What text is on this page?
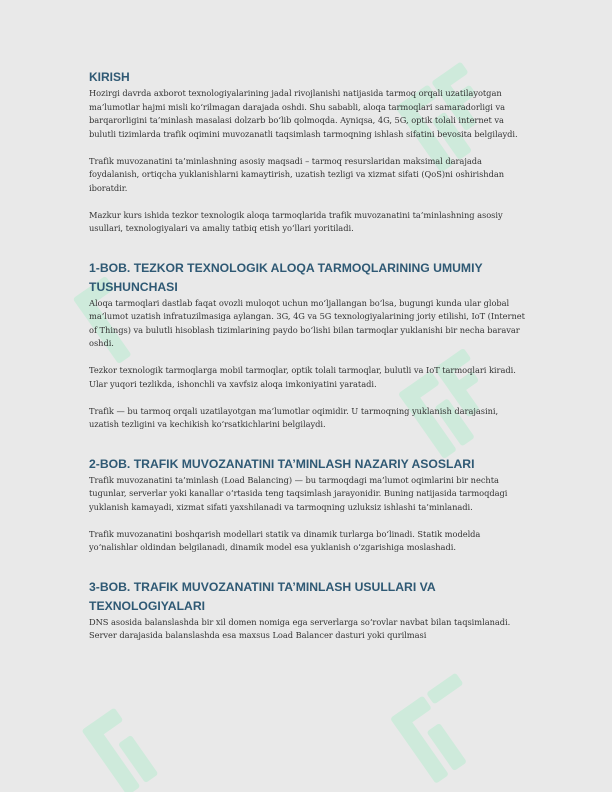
KIRISH

Hozirgi davrda axborot texnologiyalarining jadal rivojlanishi natijasida tarmoq orqali uzatilayotgan ma’lumotlar hajmi misli ko‘rilmagan darajada oshdi. Shu sababli, aloqa tarmoqlari samaradorligi va barqarorligini ta’minlash masalasi dolzarb bo‘lib qolmoqda. Ayniqsa, 4G, 5G, optik tolali internet va bulutli tizimlarda trafik oqimini muvozanatli taqsimlash tarmoqning ishlash sifatini bevosita belgilaydi.

Trafik muvozanatini ta’minlashning asosiy maqsadi – tarmoq resurslaridan maksimal darajada foydalanish, ortiqcha yuklanishlarni kamaytirish, uzatish tezligi va xizmat sifati (QoS)ni oshirishdan iboratdir.

Mazkur kurs ishida tezkor texnologik aloqa tarmoqlarida trafik muvozanatini ta’minlashning asosiy usullari, texnologiyalari va amaliy tatbiq etish yo‘llari yoritiladi.

1-BOB. TEZKOR TEXNOLOGIK ALOQA TARMOQLARINING UMUMIY TUSHUNCHASI

Aloqa tarmoqlari dastlab faqat ovozli muloqot uchun mo‘ljallangan bo‘lsa, bugungi kunda ular global ma’lumot uzatish infratuzilmasiga aylangan. 3G, 4G va 5G texnologiyalarining joriy etilishi, IoT (Internet of Things) va bulutli hisoblash tizimlarining paydo bo‘lishi bilan tarmoqlar yuklanishi bir necha baravar oshdi.

Tezkor texnologik tarmoqlarga mobil tarmoqlar, optik tolali tarmoqlar, bulutli va IoT tarmoqlari kiradi. Ular yuqori tezlikda, ishonchli va xavfsiz aloqa imkoniyatini yaratadi.

Trafik — bu tarmoq orqali uzatilayotgan ma’lumotlar oqimidir. U tarmoqning yuklanish darajasini, uzatish tezligini va kechikish ko‘rsatkichlarini belgilaydi.

2-BOB. TRAFIK MUVOZANATINI TA’MINLASH NAZARIY ASOSLARI

Trafik muvozanatini ta’minlash (Load Balancing) — bu tarmoqdagi ma’lumot oqimlarini bir nechta tugunlar, serverlar yoki kanallar o‘rtasida teng taqsimlash jarayonidir. Buning natijasida tarmoqdagi yuklanish kamayadi, xizmat sifati yaxshilanadi va tarmoqning uzluksiz ishlashi ta’minlanadi.

Trafik muvozanatini boshqarish modellari statik va dinamik turlarga bo‘linadi. Statik modelda yo‘nalishlar oldindan belgilanadi, dinamik model esa yuklanish o‘zgarishiga moslashadi.

3-BOB. TRAFIK MUVOZANATINI TA’MINLASH USULLARI VA TEXNOLOGIYALARI

DNS asosida balanslashda bir xil domen nomiga ega serverlarga so‘rovlar navbat bilan taqsimlanadi. Server darajasida balanslashda esa maxsus Load Balancer dasturi yoki qurilmasi
